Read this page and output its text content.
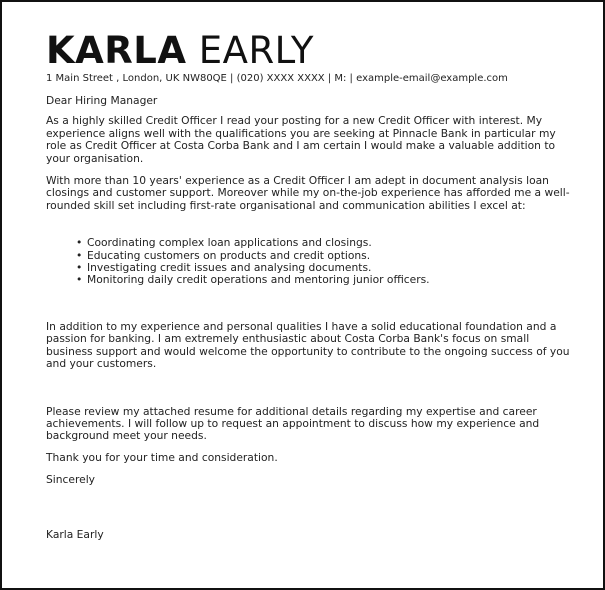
KARLA EARLY
1 Main Street , London, UK NW80QE | (020) XXXX XXXX | M: | example-email@example.com

Dear Hiring Manager

As a highly skilled Credit Officer I read your posting for a new Credit Officer with interest. My experience aligns well with the qualifications you are seeking at Pinnacle Bank in particular my role as Credit Officer at Costa Corba Bank and I am certain I would make a valuable addition to your organisation.

With more than 10 years' experience as a Credit Officer I am adept in document analysis loan closings and customer support. Moreover while my on-the-job experience has afforded me a well-rounded skill set including first-rate organisational and communication abilities I excel at:

• Coordinating complex loan applications and closings.
• Educating customers on products and credit options.
• Investigating credit issues and analysing documents.
• Monitoring daily credit operations and mentoring junior officers.

In addition to my experience and personal qualities I have a solid educational foundation and a passion for banking. I am extremely enthusiastic about Costa Corba Bank's focus on small business support and would welcome the opportunity to contribute to the ongoing success of you and your customers.

Please review my attached resume for additional details regarding my expertise and career achievements. I will follow up to request an appointment to discuss how my experience and background meet your needs.

Thank you for your time and consideration.

Sincerely

Karla Early
